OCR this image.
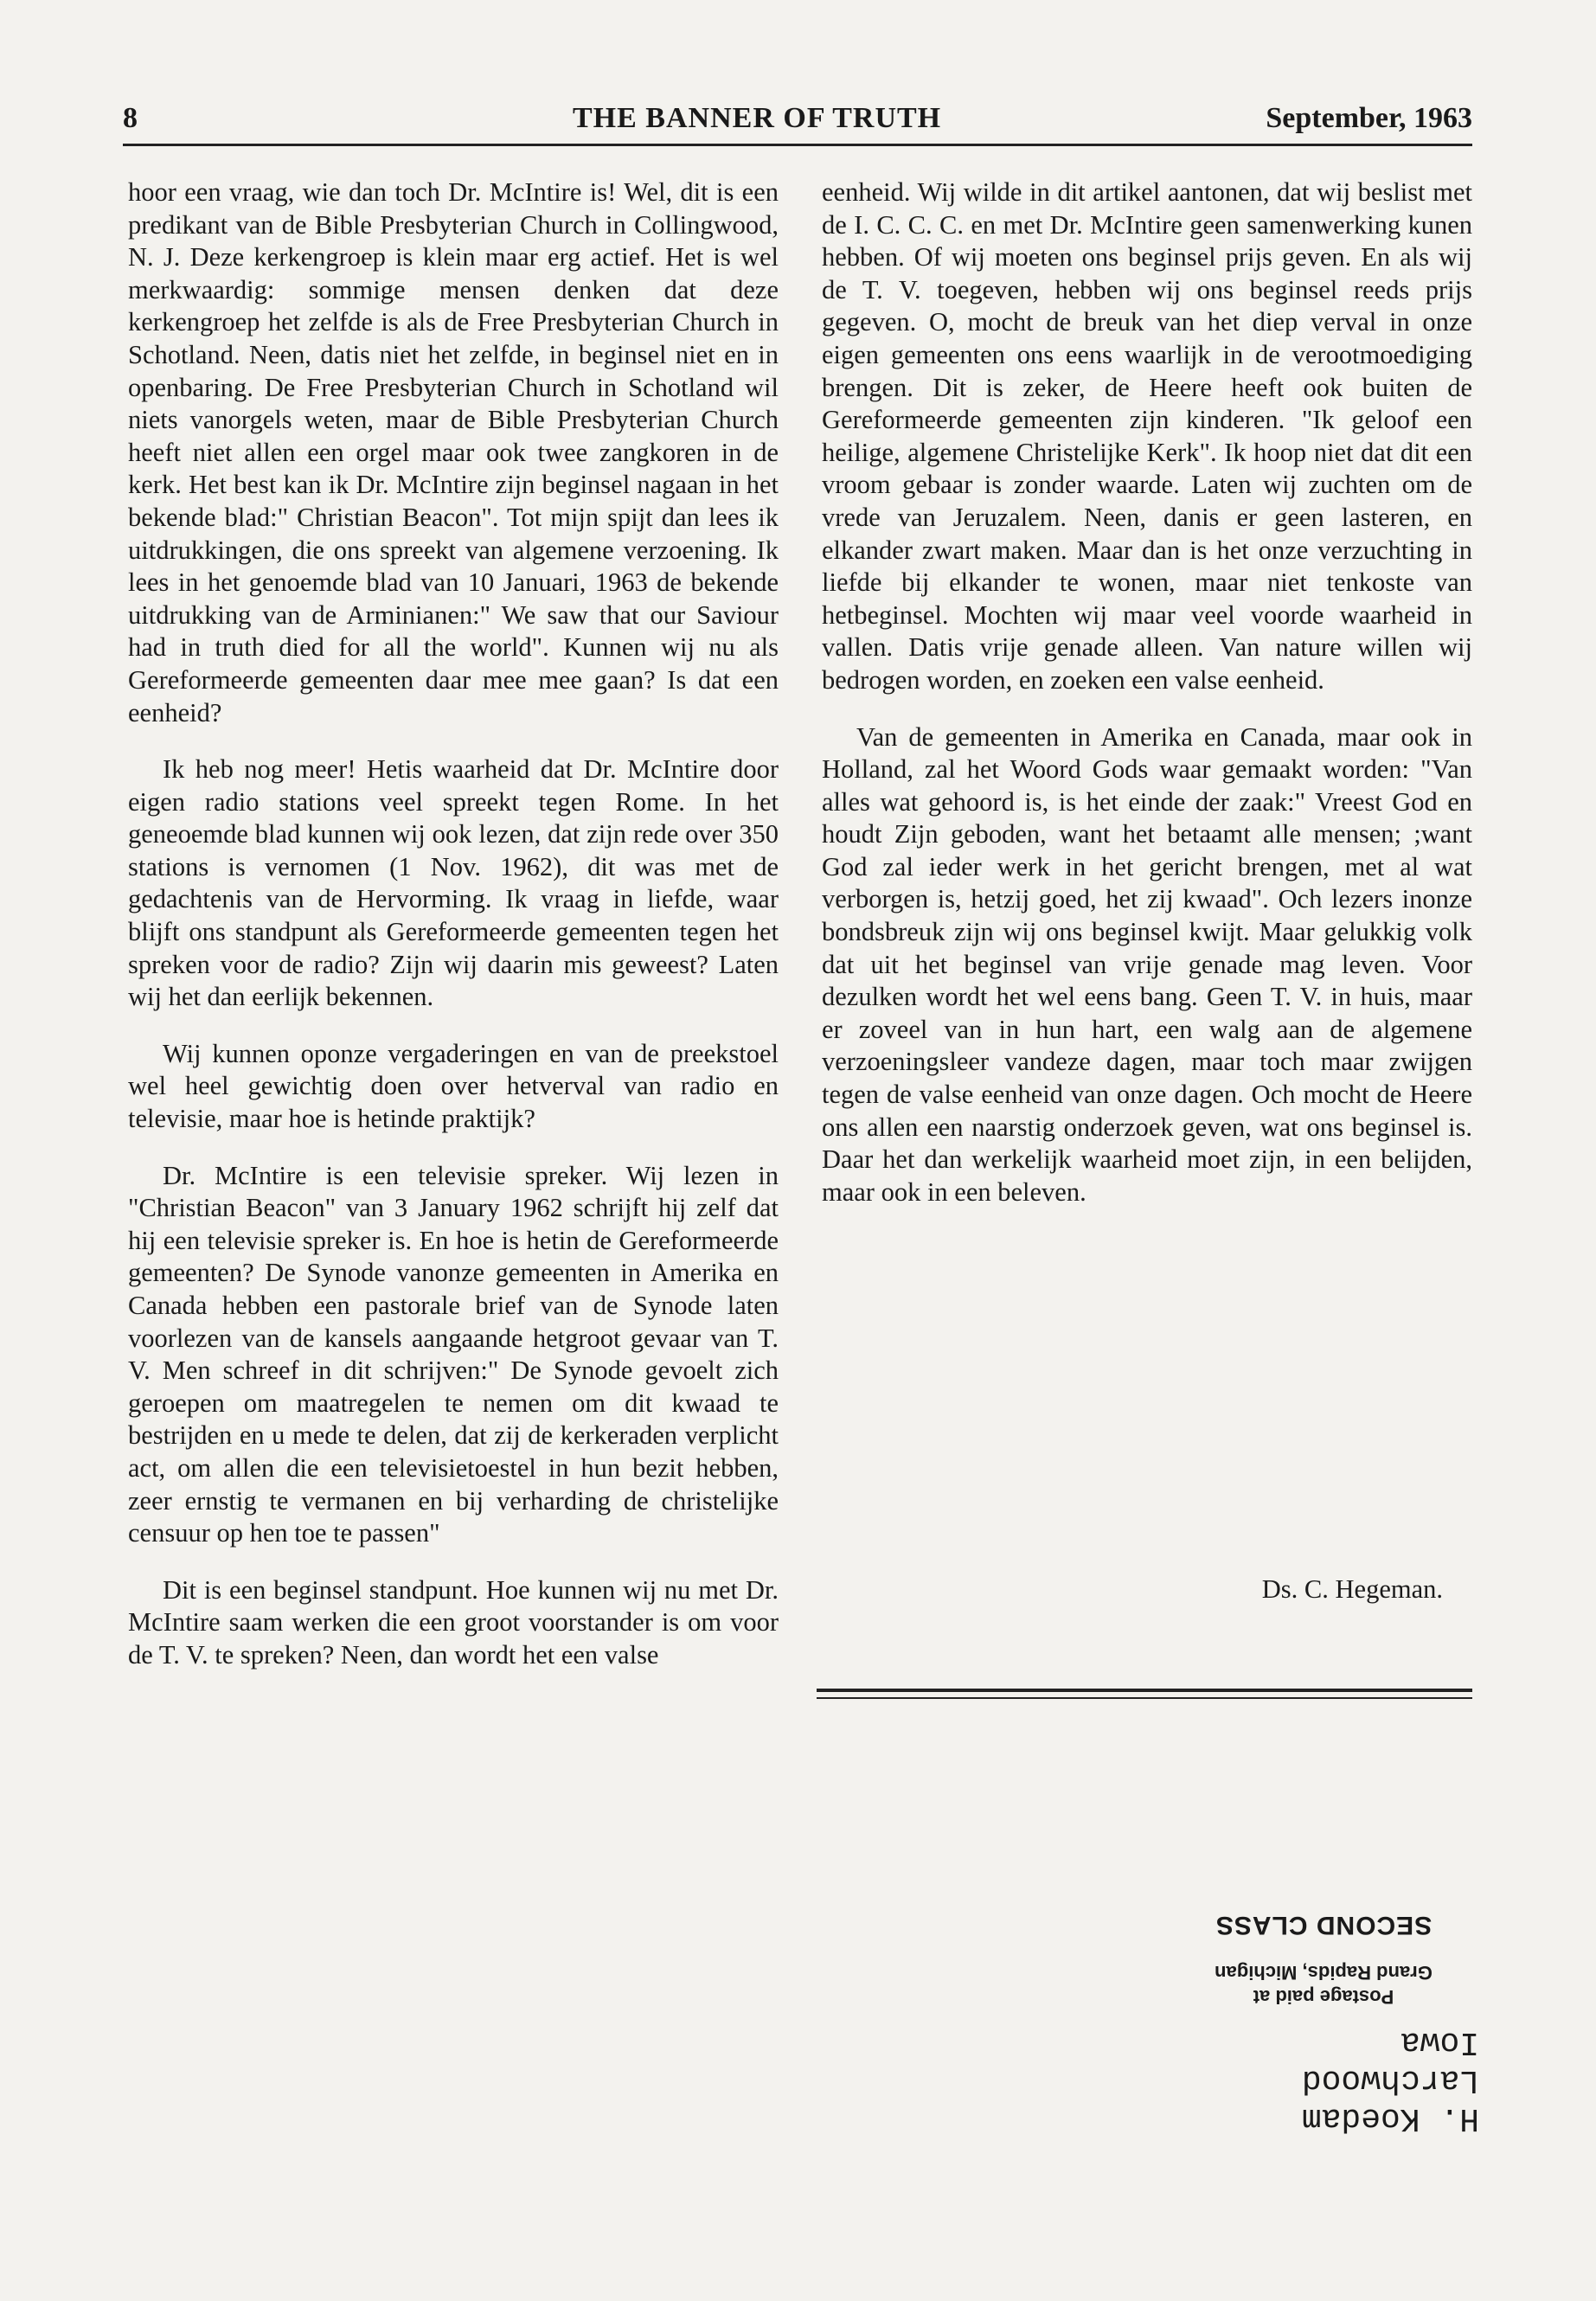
8	THE BANNER OF TRUTH	September, 1963

hoor een vraag, wie dan toch Dr. McIntire is! Wel, dit is een predikant van de Bible Presbyterian Church in Collingwood, N. J. Deze kerkengroep is klein maar erg actief. Het is wel merkwaardig: sommige mensen denken dat deze kerkengroep het zelfde is als de Free Presbyterian Church in Schotland. Neen, datis niet het zelfde, in beginsel niet en in openbaring. De Free Presbyterian Church in Schotland wil niets vanorgels weten, maar de Bible Presbyterian Church heeft niet allen een orgel maar ook twee zangkoren in de kerk. Het best kan ik Dr. McIntire zijn beginsel nagaan in het bekende blad:" Christian Beacon". Tot mijn spijt dan lees ik uitdrukkingen, die ons spreekt van algemene verzoening. Ik lees in het genoemde blad van 10 Januari, 1963 de bekende uitdrukking van de Arminianen:" We saw that our Saviour had in truth died for all the world". Kunnen wij nu als Gereformeerde gemeenten daar mee mee gaan? Is dat een eenheid?

Ik heb nog meer! Hetis waarheid dat Dr. McIntire door eigen radio stations veel spreekt tegen Rome. In het geneoemde blad kunnen wij ook lezen, dat zijn rede over 350 stations is vernomen (1 Nov. 1962), dit was met de gedachtenis van de Hervorming. Ik vraag in liefde, waar blijft ons standpunt als Gereformeerde gemeenten tegen het spreken voor de radio? Zijn wij daarin mis geweest? Laten wij het dan eerlijk bekennen.

Wij kunnen oponze vergaderingen en van de preekstoel wel heel gewichtig doen over hetverval van radio en televisie, maar hoe is hetinde praktijk?

Dr. McIntire is een televisie spreker. Wij lezen in "Christian Beacon" van 3 January 1962 schrijft hij zelf dat hij een televisie spreker is. En hoe is hetin de Gereformeerde gemeenten? De Synode vanonze gemeenten in Amerika en Canada hebben een pastorale brief van de Synode laten voorlezen van de kansels aangaande hetgroot gevaar van T. V. Men schreef in dit schrijven:" De Synode gevoelt zich geroepen om maatregelen te nemen om dit kwaad te bestrijden en u mede te delen, dat zij de kerkeraden verplicht act, om allen die een televisietoestel in hun bezit hebben, zeer ernstig te vermanen en bij verharding de christelijke censuur op hen toe te passen"

Dit is een beginsel standpunt. Hoe kunnen wij nu met Dr. McIntire saam werken die een groot voorstander is om voor de T. V. te spreken? Neen, dan wordt het een valse

eenheid. Wij wilde in dit artikel aantonen, dat wij beslist met de I. C. C. C. en met Dr. McIntire geen samenwerking kunen hebben. Of wij moeten ons beginsel prijs geven. En als wij de T. V. toegeven, hebben wij ons beginsel reeds prijs gegeven. O, mocht de breuk van het diep verval in onze eigen gemeenten ons eens waarlijk in de verootmoediging brengen. Dit is zeker, de Heere heeft ook buiten de Gereformeerde gemeenten zijn kinderen. "Ik geloof een heilige, algemene Christelijke Kerk". Ik hoop niet dat dit een vroom gebaar is zonder waarde. Laten wij zuchten om de vrede van Jeruzalem. Neen, danis er geen lasteren, en elkander zwart maken. Maar dan is het onze verzuchting in liefde bij elkander te wonen, maar niet tenkoste van hetbeginsel. Mochten wij maar veel voorde waarheid in vallen. Datis vrije genade alleen. Van nature willen wij bedrogen worden, en zoeken een valse eenheid.

Van de gemeenten in Amerika en Canada, maar ook in Holland, zal het Woord Gods waar gemaakt worden: "Van alles wat gehoord is, is het einde der zaak:" Vreest God en houdt Zijn geboden, want het betaamt alle mensen; ;want God zal ieder werk in het gericht brengen, met al wat verborgen is, hetzij goed, het zij kwaad". Och lezers inonze bondsbreuk zijn wij ons beginsel kwijt. Maar gelukkig volk dat uit het beginsel van vrije genade mag leven. Voor dezulken wordt het wel eens bang. Geen T. V. in huis, maar er zoveel van in hun hart, een walg aan de algemene verzoeningsleer vandeze dagen, maar toch maar zwijgen tegen de valse eenheid van onze dagen. Och mocht de Heere ons allen een naarstig onderzoek geven, wat ons beginsel is. Daar het dan werkelijk waarheid moet zijn, in een belijden, maar ook in een beleven.

Ds. C. Hegeman.
SECOND CLASS
Postage paid at
Grand Rapids, Michigan
H. Koedam
Larchwood
Iowa
